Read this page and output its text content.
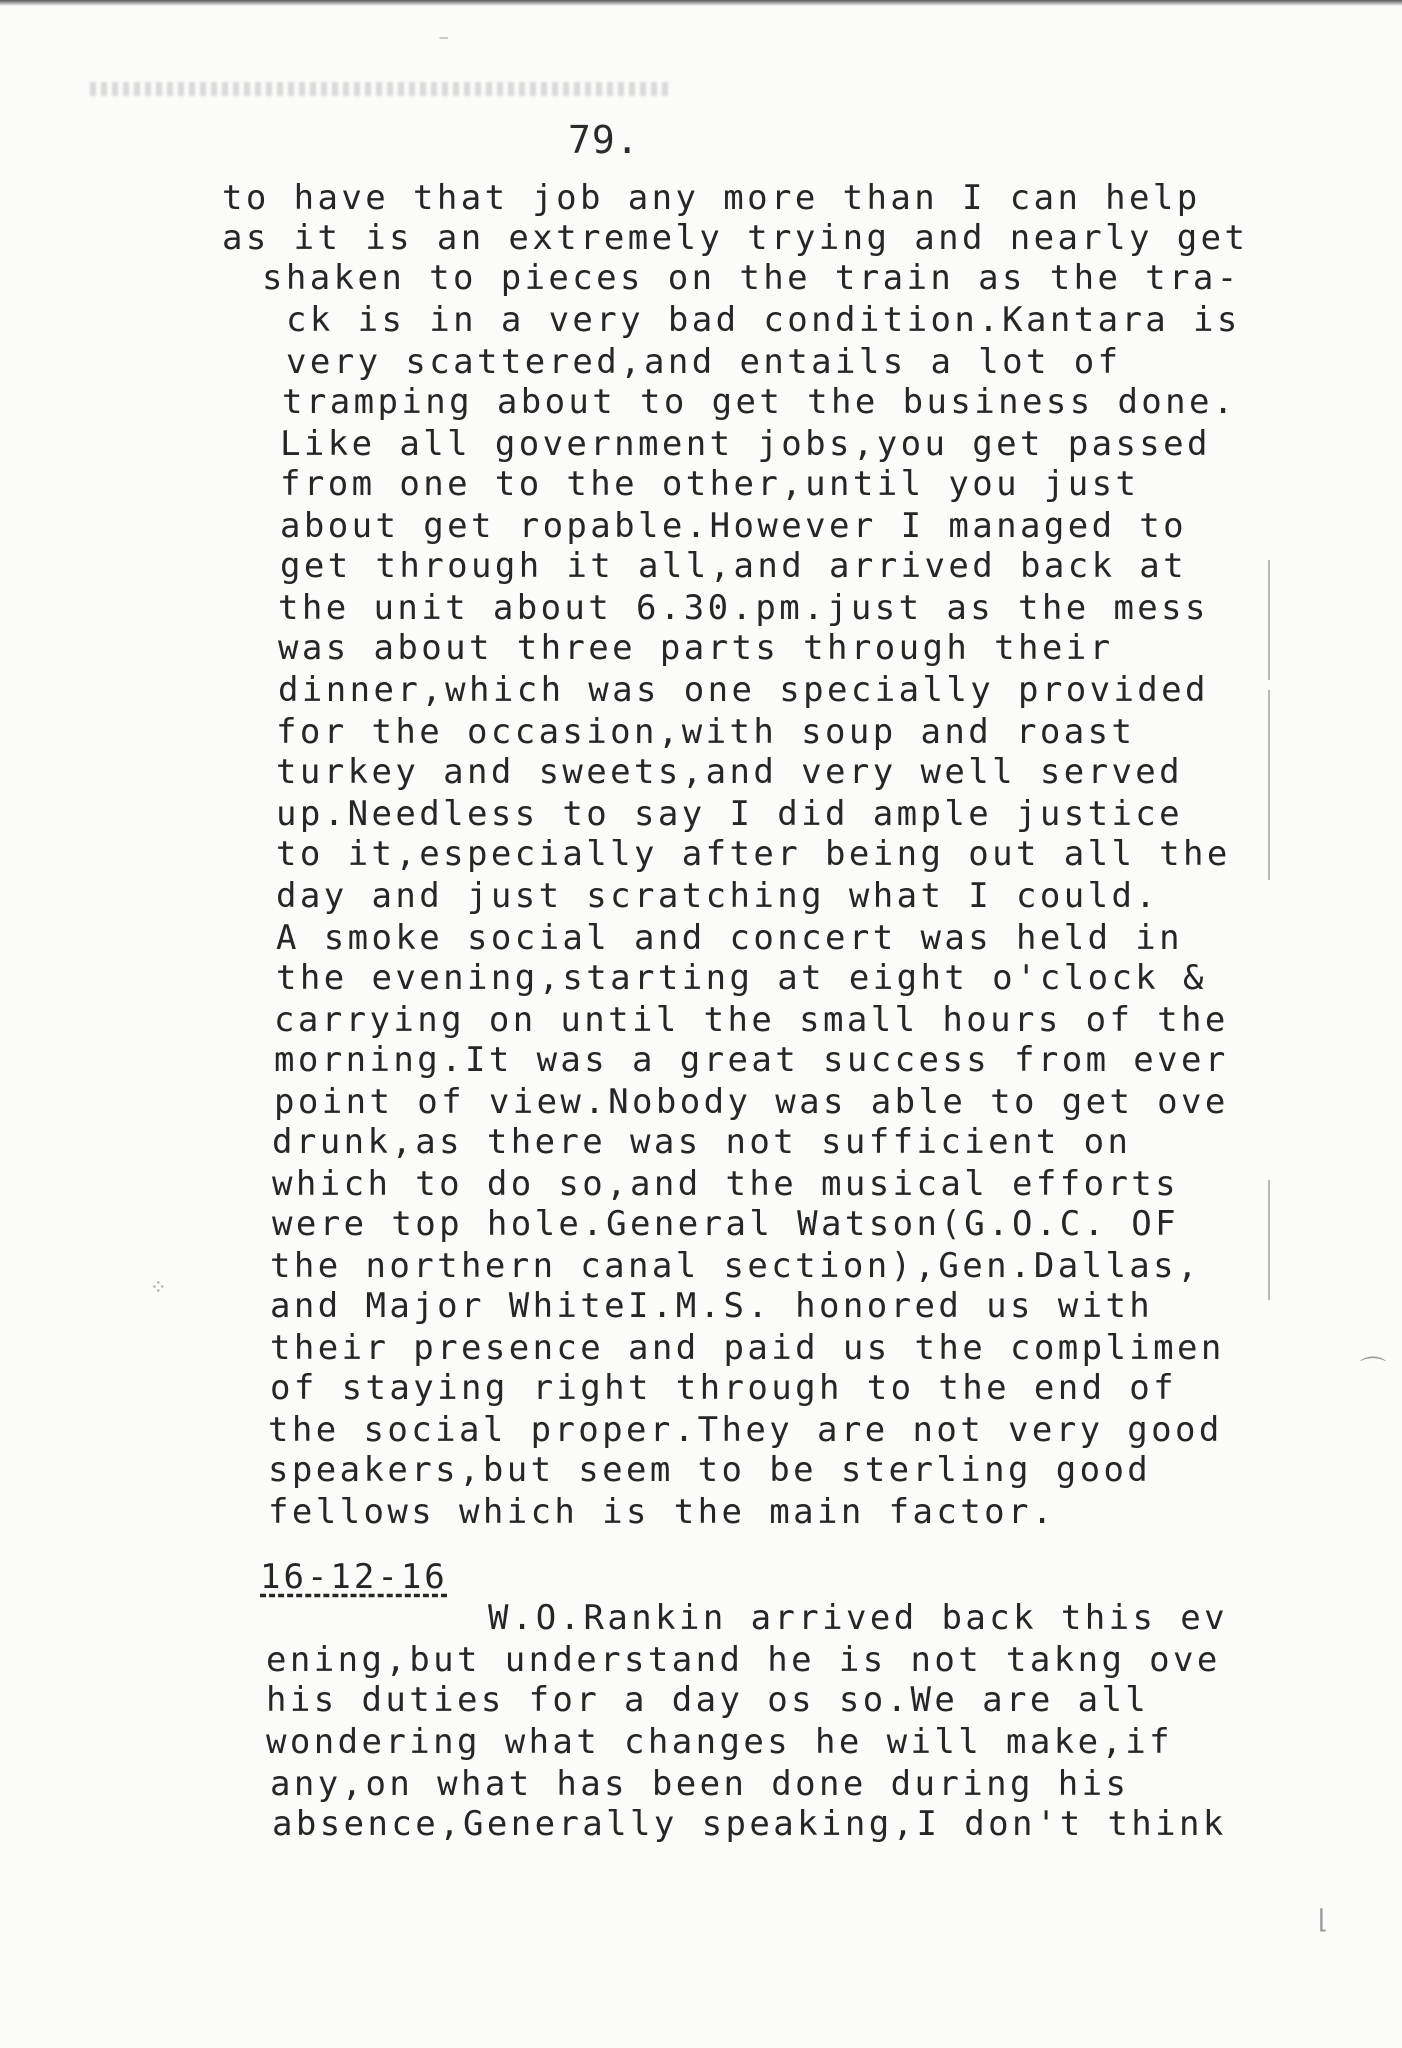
79.
to have that job any more than I can help
as it is an extremely trying and nearly get
shaken to pieces on the train as the tra-
ck is in a very bad condition.Kantara is
very scattered,and entails a lot of
tramping about to get the business done.
Like all government jobs,you get passed
from one to the other,until you just
about get ropable.However I managed to
get through it all,and arrived back at
the unit about 6.30.pm.just as the mess
was about three parts through their
dinner,which was one specially provided
for the occasion,with soup and roast
turkey and sweets,and very well served
up.Needless to say I did ample justice
to it,especially after being out all the
day and just scratching what I could.
A smoke social and concert was held in
the evening,starting at eight o'clock &
carrying on until the small hours of the
morning.It was a great success from ever
point of view.Nobody was able to get ove
drunk,as there was not sufficient on
which to do so,and the musical efforts
were top hole.General Watson(G.O.C. OF
the northern canal section),Gen.Dallas,
and Major WhiteI.M.S. honored us with
their presence and paid us the complimen
of staying right through to the end of
the social proper.They are not very good
speakers,but seem to be sterling good
fellows which is the main factor.
W.O.Rankin arrived back this ev
ening,but understand he is not takng ove
his duties for a day os so.We are all
wondering what changes he will make,if
any,on what has been done during his
absence,Generally speaking,I don't think
16-12-16
⁻
⁘
⌒
⌊
